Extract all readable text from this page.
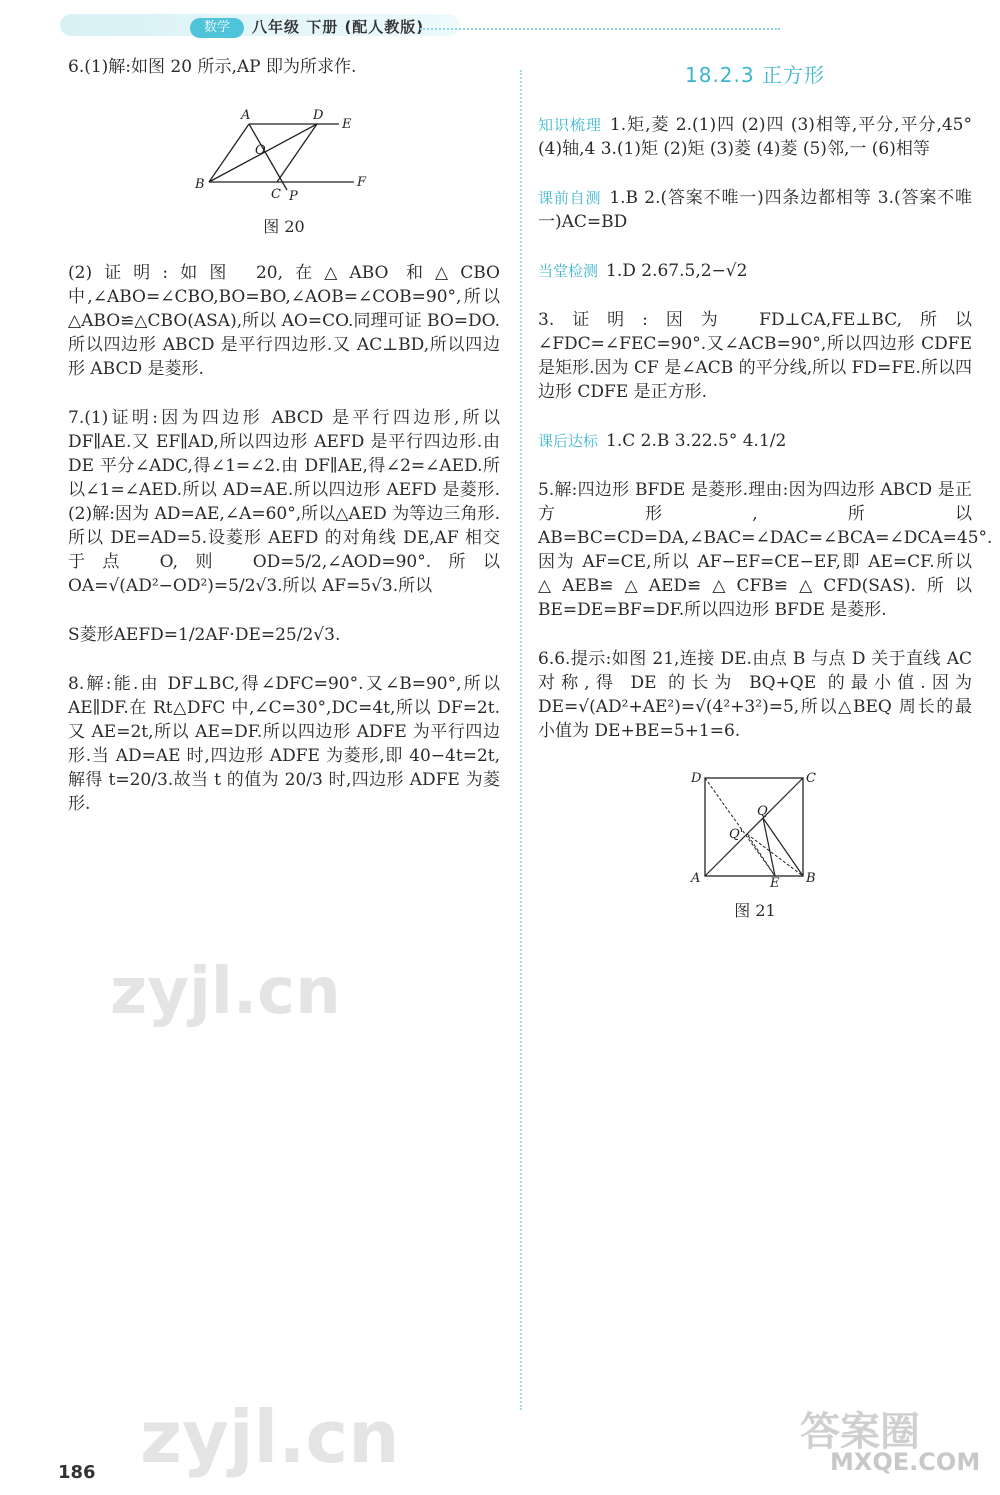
数学	八年级 下册 (配人教版)

6.(1)解:如图 20 所示,AP 即为所求作.

A	D
E
O
B
C P
F
图 20

(2)证明:如图 20,在△ABO 和△CBO 中,∠ABO=∠CBO,BO=BO,∠AOB=∠COB=90°,所以△ABO≌△CBO(ASA),所以 AO=CO.同理可证 BO=DO.所以四边形 ABCD 是平行四边形.又 AC⊥BD,所以四边形 ABCD 是菱形.

7.(1)证明:因为四边形 ABCD 是平行四边形,所以 DF∥AE.又 EF∥AD,所以四边形 AEFD 是平行四边形.由 DE 平分∠ADC,得∠1=∠2.由 DF∥AE,得∠2=∠AED.所以∠1=∠AED.所以 AD=AE.所以四边形 AEFD 是菱形. (2)解:因为 AD=AE,∠A=60°,所以△AED 为等边三角形.所以 DE=AD=5.设菱形 AEFD 的对角线 DE,AF 相交于点 O,则 OD=5/2,∠AOD=90°.所以 OA=√(AD²−OD²)=5/2√3.所以 AF=5√3.所以

S菱形AEFD=1/2AF·DE=25/2√3.

8.解:能.由 DF⊥BC,得∠DFC=90°.又∠B=90°,所以 AE∥DF.在 Rt△DFC 中,∠C=30°,DC=4t,所以 DF=2t.又 AE=2t,所以 AE=DF.所以四边形 ADFE 为平行四边形.当 AD=AE 时,四边形 ADFE 为菱形,即 40−4t=2t,解得 t=20/3.故当 t 的值为 20/3 时,四边形 ADFE 为菱形.

18.2.3 正方形

知识梳理 1.矩,菱 2.(1)四 (2)四 (3)相等,平分,平分,45° (4)轴,4 3.(1)矩 (2)矩 (3)菱 (4)菱 (5)邻,一 (6)相等

课前自测 1.B 2.(答案不唯一)四条边都相等 3.(答案不唯一)AC=BD

当堂检测 1.D 2.67.5,2−√2

3.证明:因为 FD⊥CA,FE⊥BC,所以∠FDC=∠FEC=90°.又∠ACB=90°,所以四边形 CDFE 是矩形.因为 CF 是∠ACB 的平分线,所以 FD=FE.所以四边形 CDFE 是正方形.

课后达标 1.C 2.B 3.22.5° 4.1/2

5.解:四边形 BFDE 是菱形.理由:因为四边形 ABCD 是正方形,所以 AB=BC=CD=DA,∠BAC=∠DAC=∠BCA=∠DCA=45°.因为 AF=CE,所以 AF−EF=CE−EF,即 AE=CF.所以△AEB≌△AED≌△CFB≌△CFD(SAS).所以 BE=DE=BF=DF.所以四边形 BFDE 是菱形.

6.6.提示:如图 21,连接 DE.由点 B 与点 D 关于直线 AC 对称,得 DE 的长为 BQ+QE 的最小值.因为 DE=√(AD²+AE²)=√(4²+3²)=5,所以△BEQ 周长的最小值为 DE+BE=5+1=6.

D	C
Q
Q'
A	E B
图 21
186
zyjl.cn
zyjl.cn	答案圈
MXQE.COM
